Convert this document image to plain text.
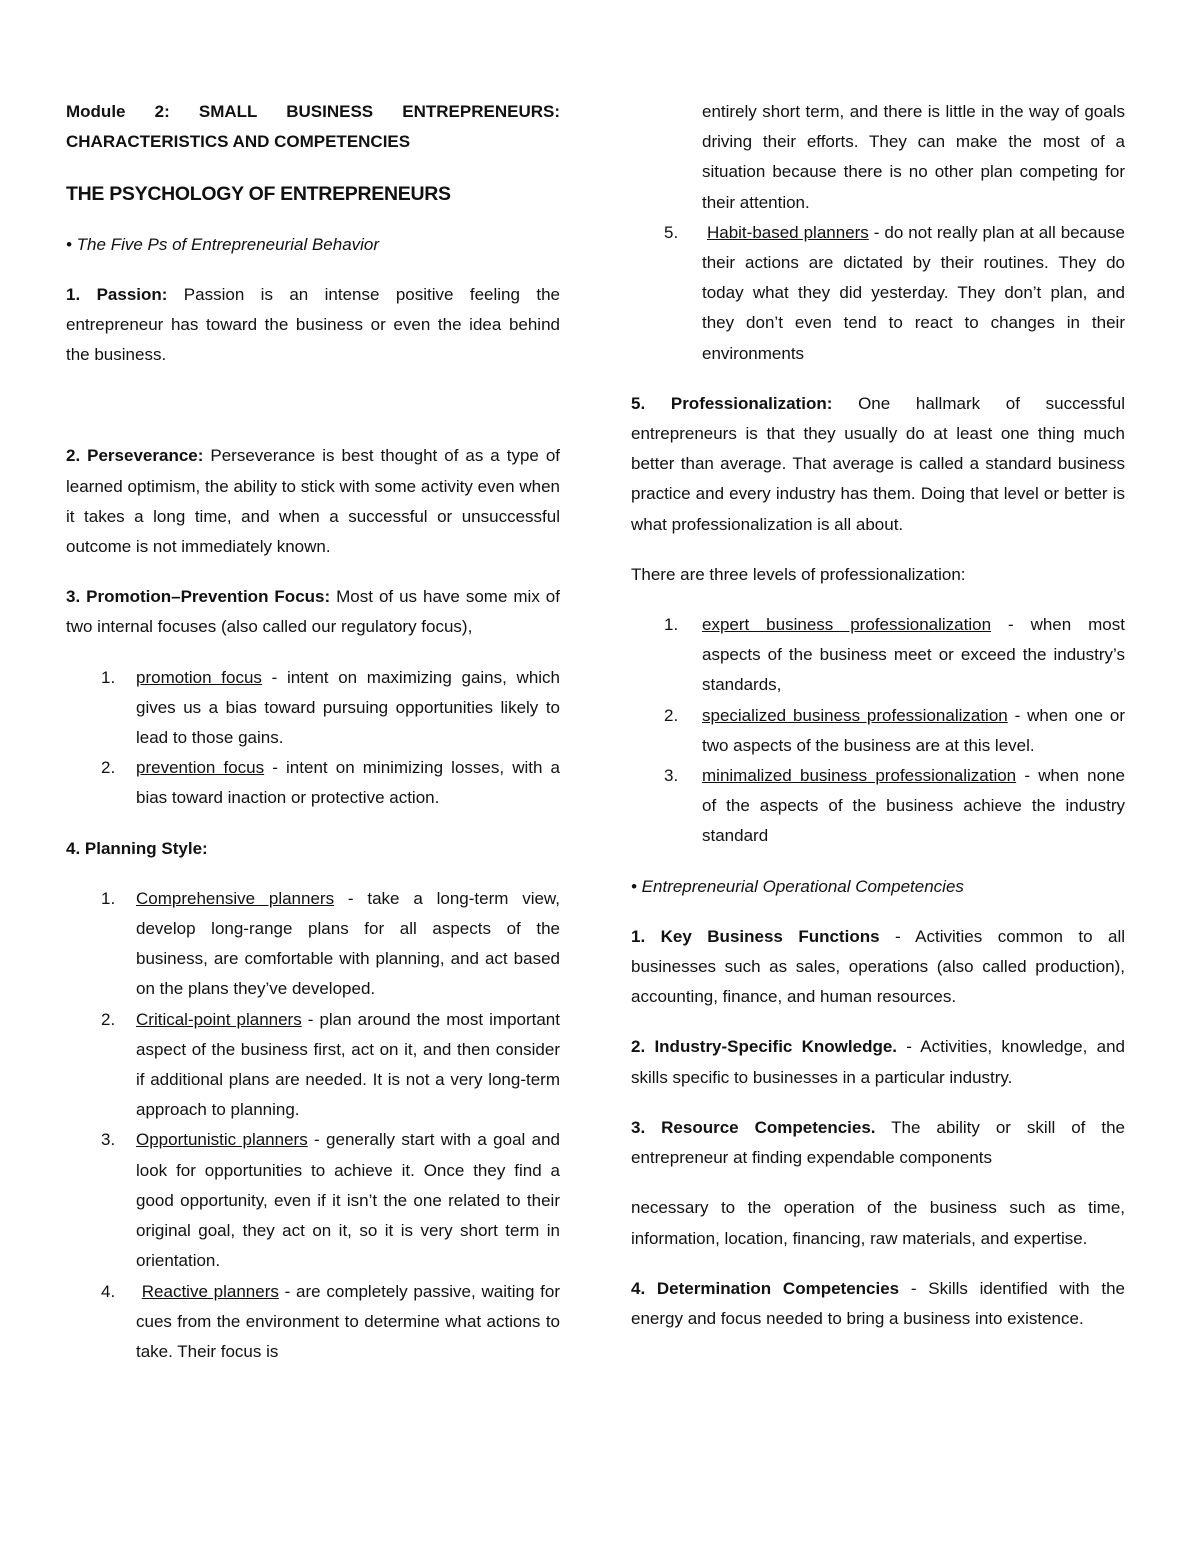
Module 2: SMALL BUSINESS ENTREPRENEURS:

CHARACTERISTICS AND COMPETENCIES

THE PSYCHOLOGY OF ENTREPRENEURS

• The Five Ps of Entrepreneurial Behavior

1. Passion: Passion is an intense positive feeling the entrepreneur has toward the business or even the idea behind the business.

2. Perseverance: Perseverance is best thought of as a type of learned optimism, the ability to stick with some activity even when it takes a long time, and when a successful or unsuccessful outcome is not immediately known.

3. Promotion–Prevention Focus: Most of us have some mix of two internal focuses (also called our regulatory focus),

1. promotion focus - intent on maximizing gains, which gives us a bias toward pursuing opportunities likely to lead to those gains.
2. prevention focus - intent on minimizing losses, with a bias toward inaction or protective action.

4. Planning Style:

1. Comprehensive planners - take a long-term view, develop long-range plans for all aspects of the business, are comfortable with planning, and act based on the plans they’ve developed.
2. Critical-point planners - plan around the most important aspect of the business first, act on it, and then consider if additional plans are needed. It is not a very long-term approach to planning.
3. Opportunistic planners - generally start with a goal and look for opportunities to achieve it. Once they find a good opportunity, even if it isn’t the one related to their original goal, they act on it, so it is very short term in orientation.
4. Reactive planners - are completely passive, waiting for cues from the environment to determine what actions to take. Their focus is

entirely short term, and there is little in the way of goals driving their efforts. They can make the most of a situation because there is no other plan competing for their attention.

5. Habit-based planners - do not really plan at all because their actions are dictated by their routines. They do today what they did yesterday. They don’t plan, and they don’t even tend to react to changes in their environments

5. Professionalization: One hallmark of successful entrepreneurs is that they usually do at least one thing much better than average. That average is called a standard business practice and every industry has them. Doing that level or better is what professionalization is all about.

There are three levels of professionalization:

1. expert business professionalization - when most aspects of the business meet or exceed the industry’s standards,
2. specialized business professionalization - when one or two aspects of the business are at this level.
3. minimalized business professionalization - when none of the aspects of the business achieve the industry standard

• Entrepreneurial Operational Competencies

1. Key Business Functions - Activities common to all businesses such as sales, operations (also called production), accounting, finance, and human resources.

2. Industry-Specific Knowledge. - Activities, knowledge, and skills specific to businesses in a particular industry.

3. Resource Competencies. The ability or skill of the entrepreneur at finding expendable components

necessary to the operation of the business such as time, information, location, financing, raw materials, and expertise.

4. Determination Competencies - Skills identified with the energy and focus needed to bring a business into existence.
